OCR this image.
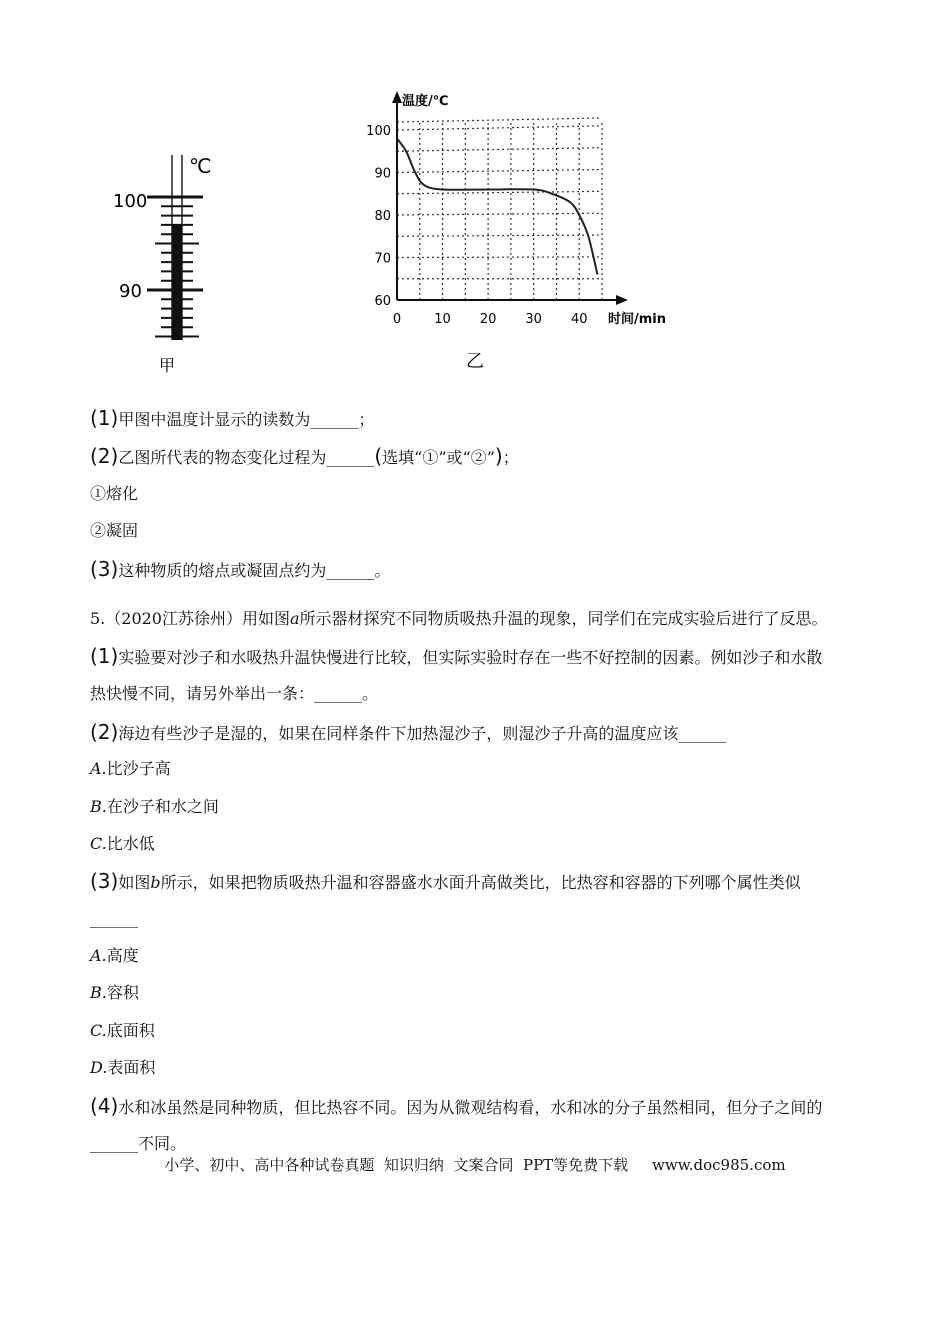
℃
100
90
甲
0	10 20 30 40
60
70
80
90
100
温度/℃
时间/min
乙
(1)甲图中温度计显示的读数为______；
(2)乙图所代表的物态变化过程为______(选填“①”或“②”)；
①熔化
②凝固
(3)这种物质的熔点或凝固点约为______。
5.（2020江苏徐州）用如图a所示器材探究不同物质吸热升温的现象，同学们在完成实验后进行了反思。
(1)实验要对沙子和水吸热升温快慢进行比较，但实际实验时存在一些不好控制的因素。例如沙子和水散
热快慢不同，请另外举出一条：______。
(2)海边有些沙子是湿的，如果在同样条件下加热湿沙子，则湿沙子升高的温度应该______
A.比沙子高
B.在沙子和水之间
C.比水低
(3)如图b所示，如果把物质吸热升温和容器盛水水面升高做类比，比热容和容器的下列哪个属性类似
______
A.高度
B.容积
C.底面积
D.表面积
(4)水和冰虽然是同种物质，但比热容不同。因为从微观结构看，水和冰的分子虽然相同，但分子之间的
______不同。
小学、初中、高中各种试卷真题  知识归纳  文案合同  PPT等免费下载     www.doc985.com
